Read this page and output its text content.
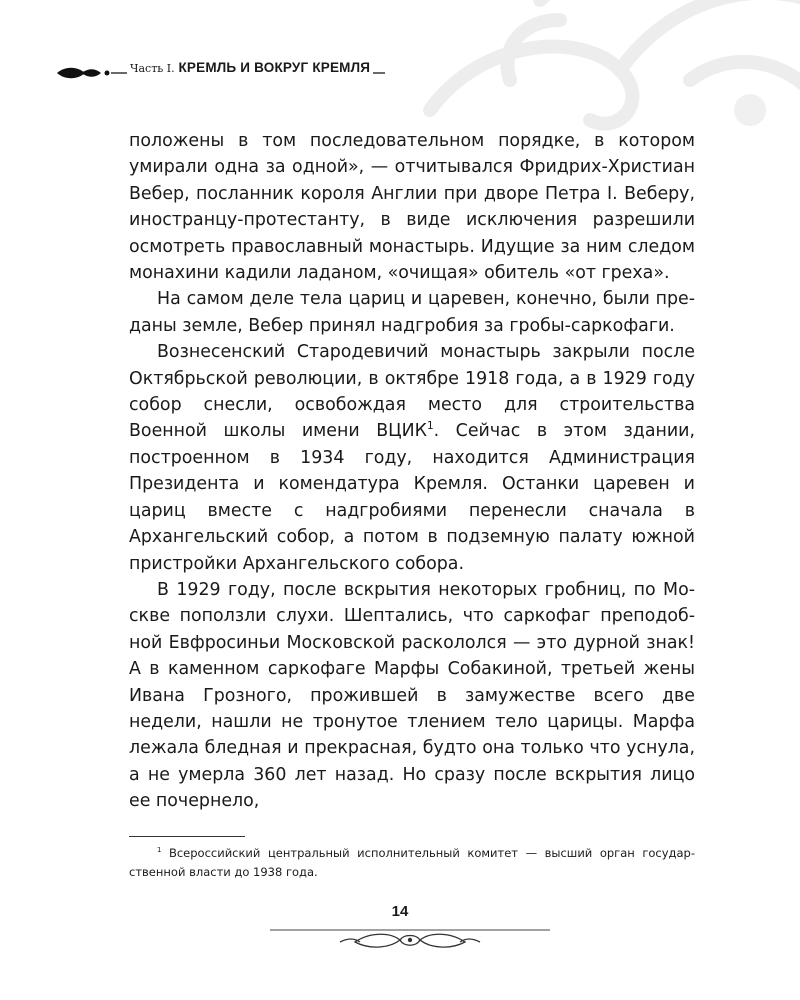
Часть I. КРЕМЛЬ И ВОКРУГ КРЕМЛЯ

положены в том последовательном порядке, в котором умирали одна за одной», — отчитывался Фридрих-Христиан Вебер, посланник короля Англии при дворе Петра I. Веберу, иностранцу-протестанту, в виде исключения разрешили осмотреть православный монастырь. Идущие за ним следом монахини кадили ладаном, «очищая» обитель «от греха».

На самом деле тела цариц и царевен, конечно, были преданы земле, Вебер принял надгробия за гробы-саркофаги.

Вознесенский Стародевичий монастырь закрыли после Октябрьской революции, в октябре 1918 года, а в 1929 году собор снесли, освобождая место для строительства Военной школы имени ВЦИК$^1$. Сейчас в этом здании, построенном в 1934 году, находится Администрация Президента и комендатура Кремля. Останки царевен и цариц вместе с надгробиями перенесли сначала в Архангельский собор, а потом в подземную палату южной пристройки Архангельского собора.

В 1929 году, после вскрытия некоторых гробниц, по Москве поползли слухи. Шептались, что саркофаг преподобной Евфросиньи Московской раскололся — это дурной знак! А в каменном саркофаге Марфы Собакиной, третьей жены Ивана Грозного, прожившей в замужестве всего две недели, нашли не тронутое тлением тело царицы. Марфа лежала бледная и прекрасная, будто она только что уснула, а не умерла 360 лет назад. Но сразу после вскрытия лицо ее почернело,

$^1$ Всероссийский центральный исполнительный комитет — высший орган государственной власти до 1938 года.
14
